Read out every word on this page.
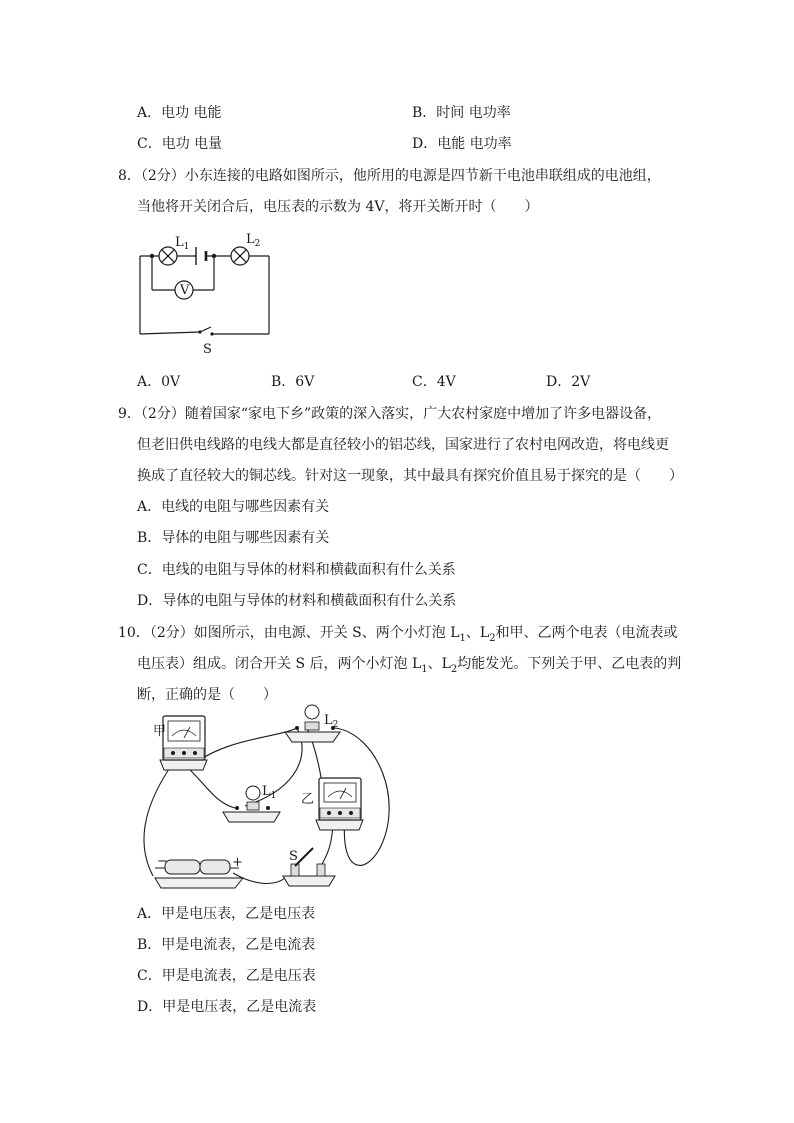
A．电功 电能	B．时间 电功率
C．电功 电量	D．电能 电功率
8．（2分）小东连接的电路如图所示，他所用的电源是四节新干电池串联组成的电池组，
当他将开关闭合后，电压表的示数为 4V，将开关断开时（　　）
$L_1$	$L_2$
V
S
A．0V	B．6V	C．4V	D．2V
9．（2分）随着国家“家电下乡”政策的深入落实，广大农村家庭中增加了许多电器设备，
但老旧供电线路的电线大都是直径较小的铝芯线，国家进行了农村电网改造，将电线更
换成了直径较大的铜芯线。针对这一现象，其中最具有探究价值且易于探究的是（　　）
A．电线的电阻与哪些因素有关
B．导体的电阻与哪些因素有关
C．电线的电阻与导体的材料和横截面积有什么关系
D．导体的电阻与导体的材料和横截面积有什么关系
10．（2分）如图所示，由电源、开关 S、两个小灯泡 $L_1$、$L_2$和甲、乙两个电表（电流表或
电压表）组成。闭合开关 S 后，两个小灯泡 $L_1$、$L_2$均能发光。下列关于甲、乙电表的判
断，正确的是（　　）
甲
乙
$L_2$
$L_1$
S
−	+
A．甲是电压表，乙是电压表
B．甲是电流表，乙是电流表
C．甲是电流表，乙是电压表
D．甲是电压表，乙是电流表
